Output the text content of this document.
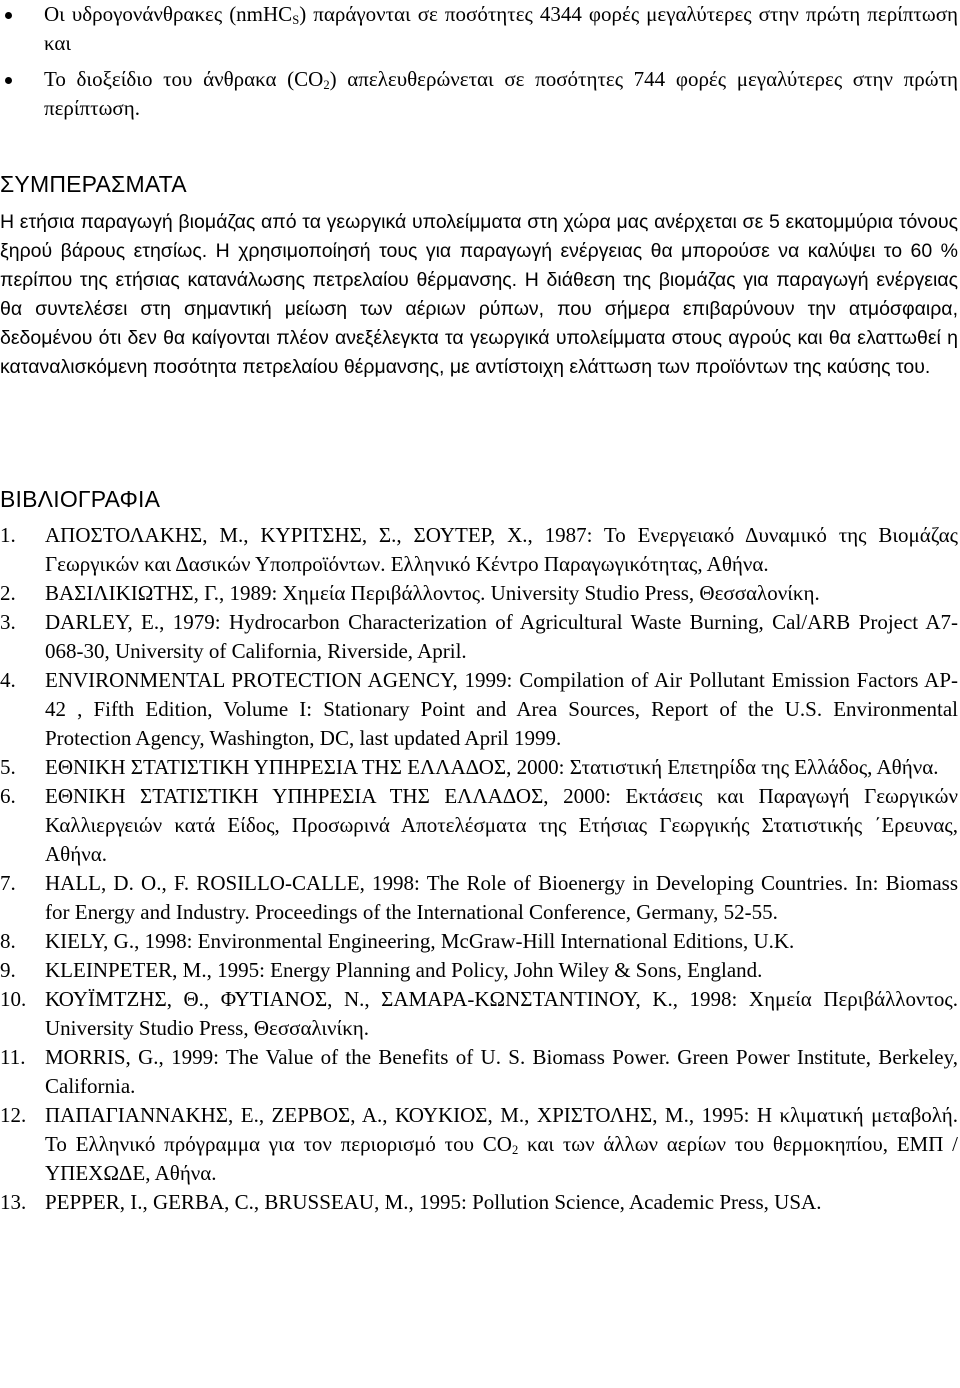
Οι υδρογονάνθρακες (nmHC$_S$) παράγονται σε ποσότητες 4344 φορές μεγαλύτερες στην πρώτη περίπτωση και
Το διοξείδιο του άνθρακα $(CO_2)$ απελευθερώνεται σε ποσότητες 744 φορές μεγαλύτερες στην πρώτη περίπτωση.
ΣΥΜΠΕΡΑΣΜΑΤΑ

Η ετήσια παραγωγή βιομάζας από τα γεωργικά υπολείμματα στη χώρα μας ανέρχεται σε 5 εκατομμύρια τόνους ξηρού βάρους ετησίως. Η χρησιμοποίησή τους για παραγωγή ενέργειας θα μπορούσε να καλύψει το 60 % περίπου της ετήσιας κατανάλωσης πετρελαίου θέρμανσης. Η διάθεση της βιομάζας για παραγωγή ενέργειας θα συντελέσει στη σημαντική μείωση των αέριων ρύπων, που σήμερα επιβαρύνουν την ατμόσφαιρα, δεδομένου ότι δεν θα καίγονται πλέον ανεξέλεγκτα τα γεωργικά υπολείμματα στους αγρούς και θα ελαττωθεί η καταναλισκόμενη ποσότητα πετρελαίου θέρμανσης, με αντίστοιχη ελάττωση των προϊόντων της καύσης του.

ΒΙΒΛΙΟΓΡΑΦΙΑ
1. ΑΠΟΣΤΟΛΑΚΗΣ, Μ., ΚΥΡΙΤΣΗΣ, Σ., ΣΟΥΤΕΡ, Χ., 1987: Το Ενεργειακό Δυναμικό της Βιομάζας Γεωργικών και Δασικών Υποπροϊόντων. Ελληνικό Κέντρο Παραγωγικότητας, Αθήνα.
2. ΒΑΣΙΛΙΚΙΩΤΗΣ, Γ., 1989: Χημεία Περιβάλλοντος. University Studio Press, Θεσσαλονίκη.
3. DARLEY, E., 1979: Hydrocarbon Characterization of Agricultural Waste Burning, Cal/ARB Project A7-068-30, University of California, Riverside, April.
4. ENVIRONMENTAL PROTECTION AGENCY, 1999: Compilation of Air Pollutant Emission Factors AP-42 , Fifth Edition, Volume I: Stationary Point and Area Sources, Report of the U.S. Environmental Protection Agency, Washington, DC, last updated April 1999.
5. ΕΘΝΙΚΗ ΣΤΑΤΙΣΤΙΚΗ ΥΠΗΡΕΣΙΑ ΤΗΣ ΕΛΛΑΔΟΣ, 2000: Στατιστική Επετηρίδα της Ελλάδος, Αθήνα.
6. ΕΘΝΙΚΗ ΣΤΑΤΙΣΤΙΚΗ ΥΠΗΡΕΣΙΑ ΤΗΣ ΕΛΛΑΔΟΣ, 2000: Εκτάσεις και Παραγωγή Γεωργικών Καλλιεργειών κατά Είδος, Προσωρινά Αποτελέσματα της Ετήσιας Γεωργικής Στατιστικής ΄Ερευνας, Αθήνα.
7. HALL, D. O., F. ROSILLO-CALLE, 1998: The Role of Bioenergy in Developing Countries. In: Biomass for Energy and Industry. Proceedings of the International Conference, Germany, 52-55.
8. KIELY, G., 1998: Environmental Engineering, McGraw-Hill International Editions, U.K.
9. KLEINPETER, M., 1995: Energy Planning and Policy, John Wiley & Sons, England.
10. ΚΟΥΪΜΤΖΗΣ, Θ., ΦΥΤΙΑΝΟΣ, Ν., ΣΑΜΑΡΑ-ΚΩΝΣΤΑΝΤΙΝΟΥ, Κ., 1998: Χημεία Περιβάλλοντος. University Studio Press, Θεσσαλινίκη.
11. MORRIS, G., 1999: The Value of the Benefits of U. S. Biomass Power. Green Power Institute, Berkeley, California.
12. ΠΑΠΑΓΙΑΝΝΑΚΗΣ, Ε., ΖΕΡΒΟΣ, Α., ΚΟΥΚΙΟΣ, Μ., ΧΡΙΣΤΟΛΗΣ, Μ., 1995: Η κλιματική μεταβολή. Το Ελληνικό πρόγραμμα για τον περιορισμό του $CO_2$ και των άλλων αερίων του θερμοκηπίου, ΕΜΠ / ΥΠΕΧΩΔΕ, Αθήνα.
13. PEPPER, I., GERBA, C., BRUSSEAU, M., 1995: Pollution Science, Academic Press, USA.
